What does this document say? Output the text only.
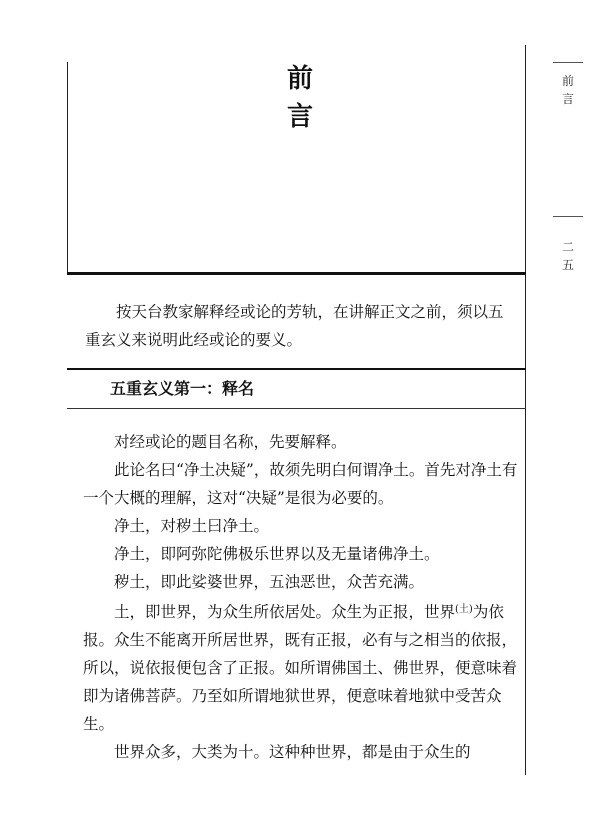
前
言
按天台教家解释经或论的芳轨，在讲解正文之前，须以五重玄义来说明此经或论的要义。
五重玄义第一：释名

对经或论的题目名称，先要解释。

此论名曰“净土决疑”，故须先明白何谓净土。首先对净土有一个大概的理解，这对“决疑”是很为必要的。

净土，对秽土曰净土。

净土，即阿弥陀佛极乐世界以及无量诸佛净土。

秽土，即此娑婆世界，五浊恶世，众苦充满。

土，即世界，为众生所依居处。众生为正报，世界$^{(土)}$为依报。众生不能离开所居世界，既有正报，必有与之相当的依报，所以，说依报便包含了正报。如所谓佛国土、佛世界，便意味着即为诸佛菩萨。乃至如所谓地狱世界，便意味着地狱中受苦众生。

世界众多，大类为十。这种种世界，都是由于众生的

前
言
二
五
